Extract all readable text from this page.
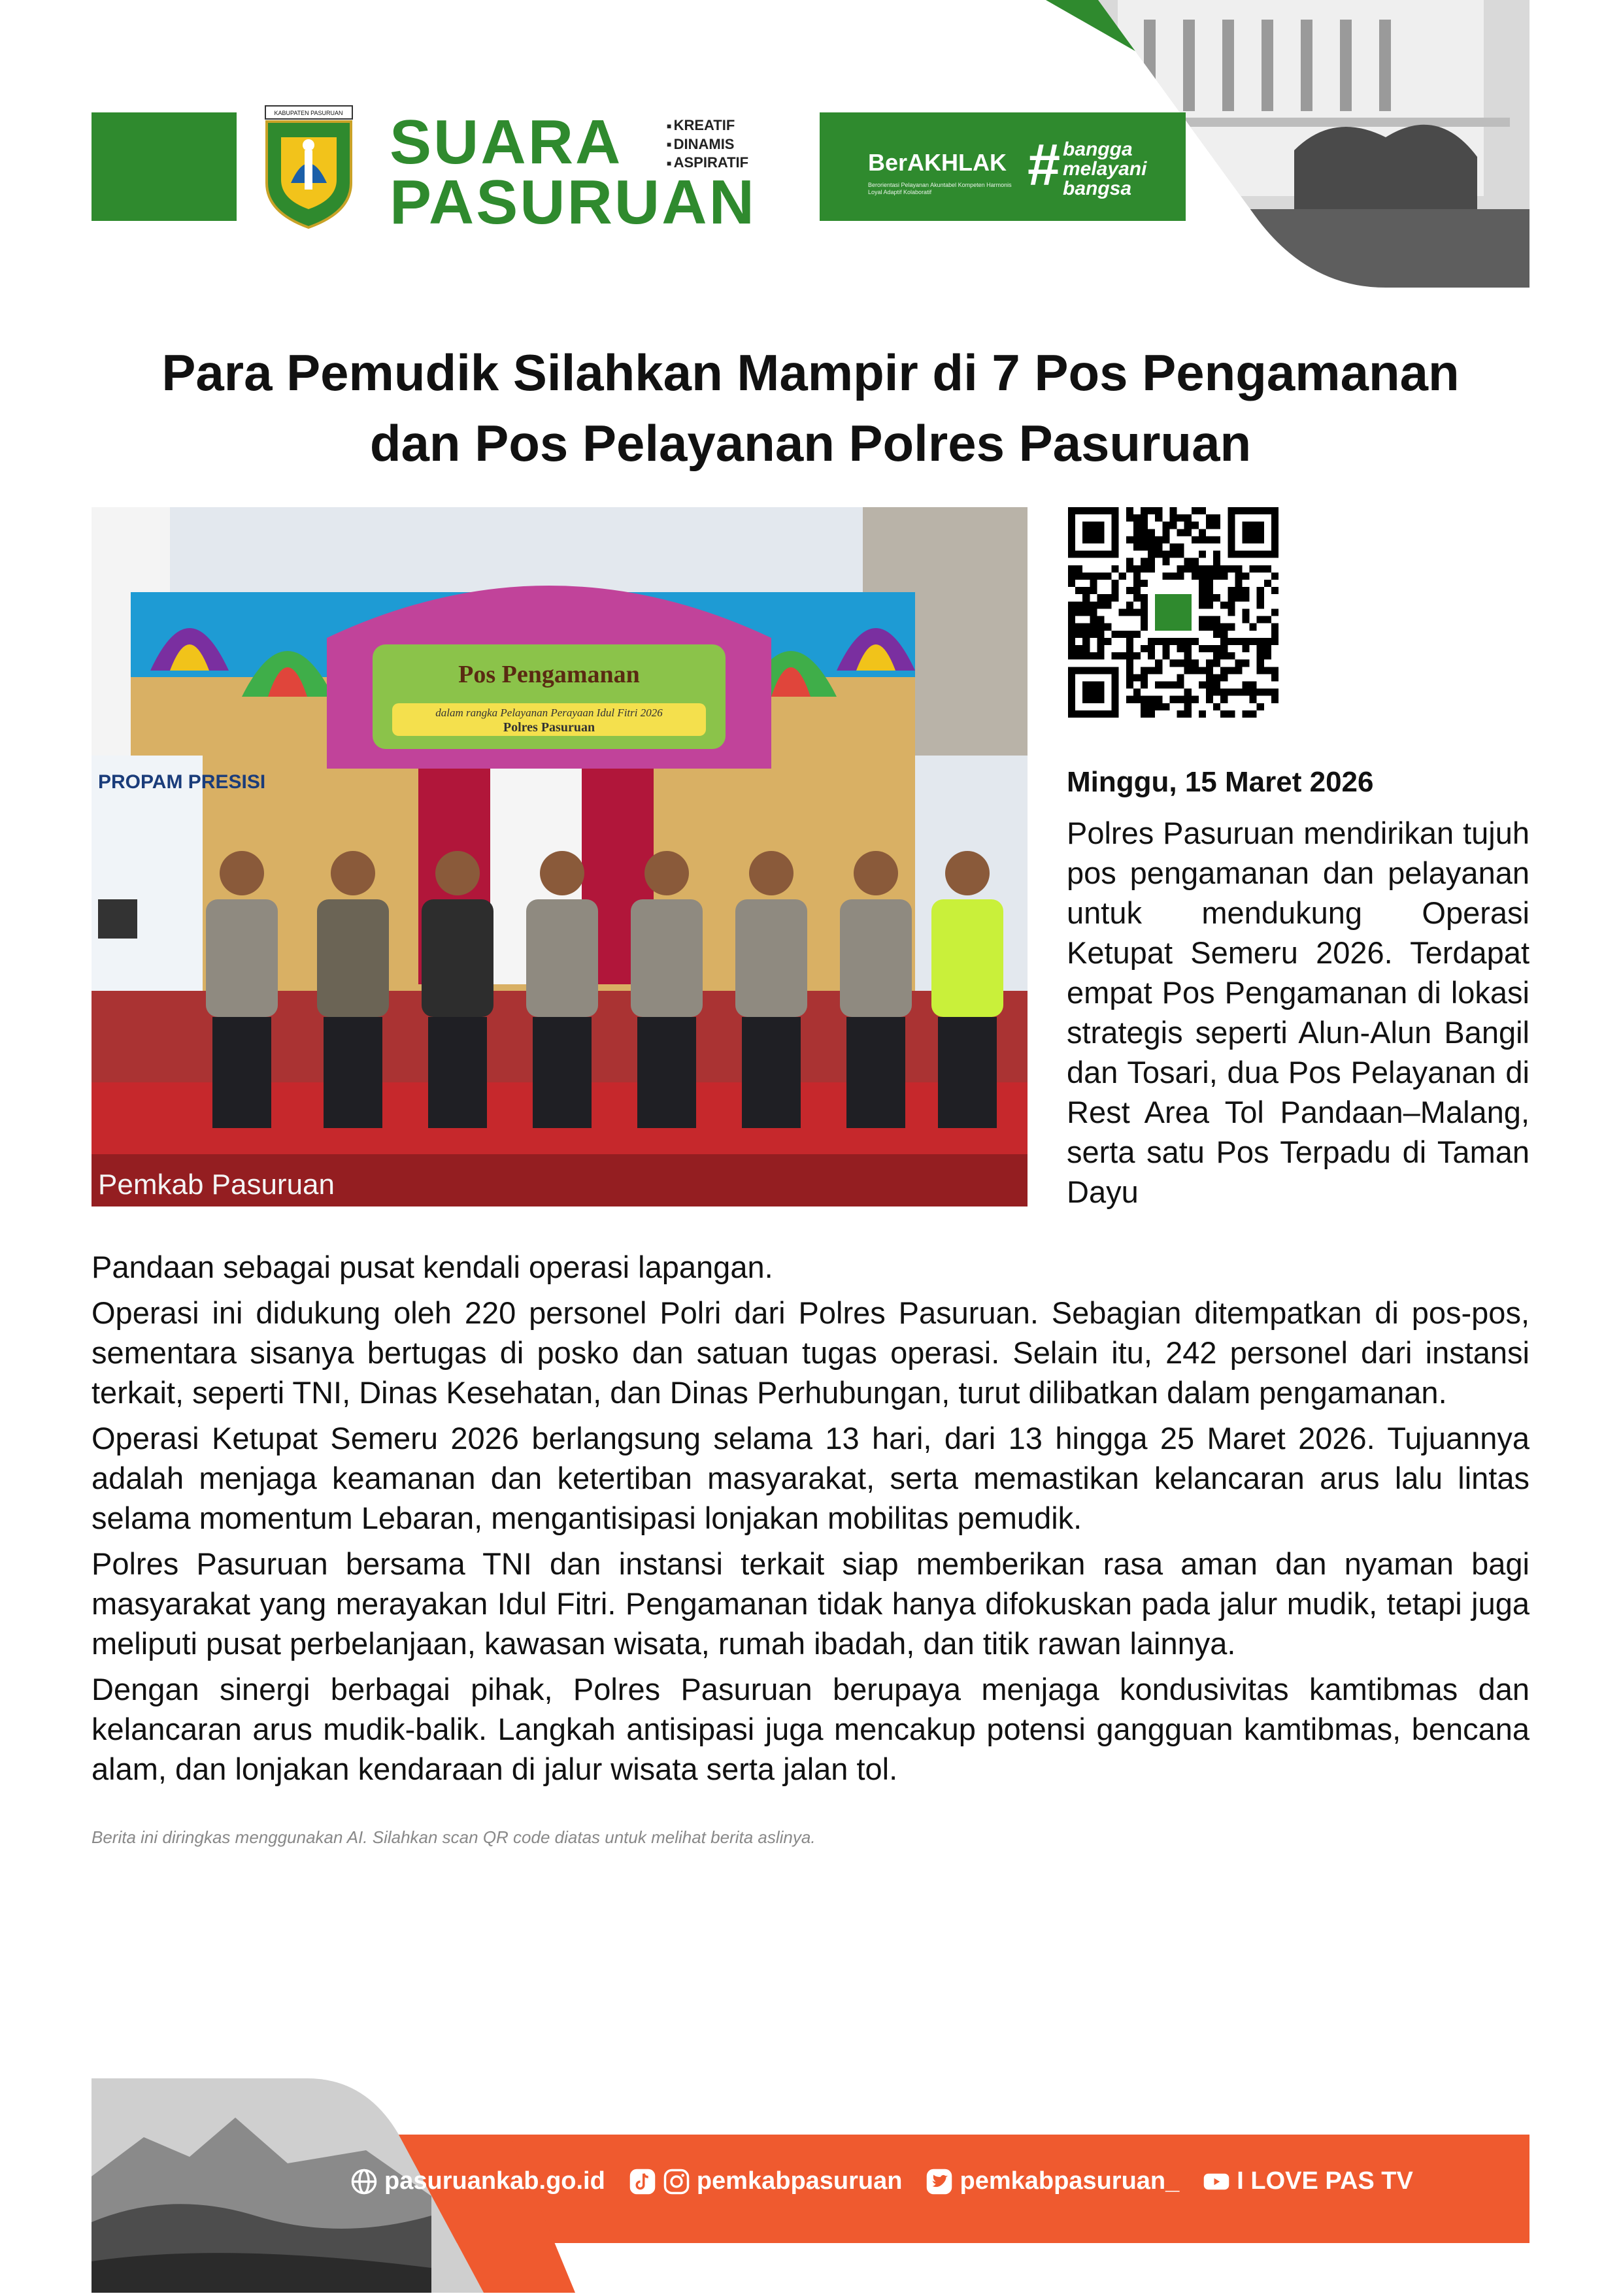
KABUPATEN PASURUAN SUARA
PASURUAN
■ KREATIF
■ DINAMIS
■ ASPIRATIF	BerAKHLAK
Berorientasi Pelayanan Akuntabel Kompeten Harmonis Loyal Adaptif Kolaboratif	# bangga
melayani
bangsa
Para Pemudik Silahkan Mampir di 7 Pos Pengamanan
dan Pos Pelayanan Polres Pasuruan
Pos Pengamanan
dalam rangka Pelayanan Perayaan Idul Fitri 2026
Polres Pasuruan
PROPAM PRESISI
Pemkab Pasuruan
Minggu, 15 Maret 2026
Polres Pasuruan mendirikan tujuh pos pengamanan dan pelayanan untuk mendukung Operasi Ketupat Semeru 2026. Terdapat empat Pos Pengamanan di lokasi strategis seperti Alun-Alun Bangil dan Tosari, dua Pos Pelayanan di Rest Area Tol Pandaan–Malang, serta satu Pos Terpadu di Taman Dayu

Pandaan sebagai pusat kendali operasi lapangan.

Operasi ini didukung oleh 220 personel Polri dari Polres Pasuruan. Sebagian ditempatkan di pos-pos, sementara sisanya bertugas di posko dan satuan tugas operasi. Selain itu, 242 personel dari instansi terkait, seperti TNI, Dinas Kesehatan, dan Dinas Perhubungan, turut dilibatkan dalam pengamanan.

Operasi Ketupat Semeru 2026 berlangsung selama 13 hari, dari 13 hingga 25 Maret 2026. Tujuannya adalah menjaga keamanan dan ketertiban masyarakat, serta memastikan kelancaran arus lalu lintas selama momentum Lebaran, mengantisipasi lonjakan mobilitas pemudik.

Polres Pasuruan bersama TNI dan instansi terkait siap memberikan rasa aman dan nyaman bagi masyarakat yang merayakan Idul Fitri. Pengamanan tidak hanya difokuskan pada jalur mudik, tetapi juga meliputi pusat perbelanjaan, kawasan wisata, rumah ibadah, dan titik rawan lainnya.

Dengan sinergi berbagai pihak, Polres Pasuruan berupaya menjaga kondusivitas kamtibmas dan kelancaran arus mudik-balik. Langkah antisipasi juga mencakup potensi gangguan kamtibmas, bencana alam, dan lonjakan kendaraan di jalur wisata serta jalan tol.

Berita ini diringkas menggunakan AI. Silahkan scan QR code diatas untuk melihat berita aslinya.
pasuruankab.go.id	pemkabpasuruan pemkabpasuruan_ I LOVE PAS TV
